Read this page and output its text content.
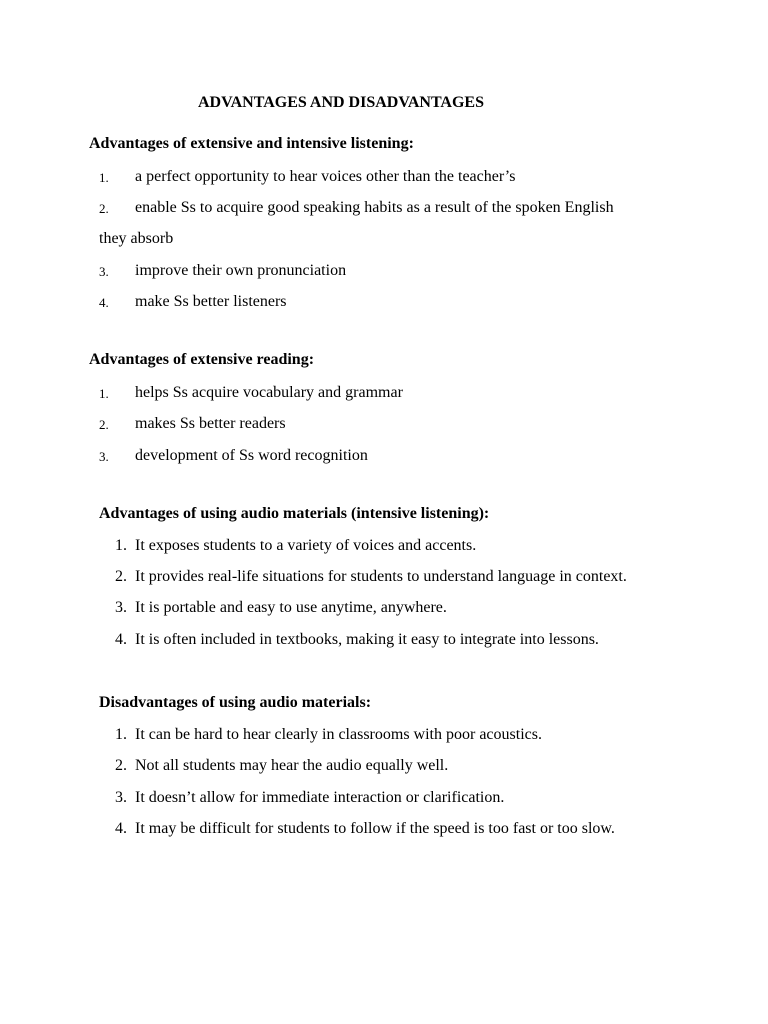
ADVANTAGES AND DISADVANTAGES
Advantages of extensive and intensive listening:
1. a perfect opportunity to hear voices other than the teacher’s
2. enable Ss to acquire good speaking habits as a result of the spoken English
they absorb
3. improve their own pronunciation
4. make Ss better listeners
Advantages of extensive reading:
1. helps Ss acquire vocabulary and grammar
2. makes Ss better readers
3. development of Ss word recognition
Advantages of using audio materials (intensive listening):
1. It exposes students to a variety of voices and accents.
2. It provides real-life situations for students to understand language in context.
3. It is portable and easy to use anytime, anywhere.
4. It is often included in textbooks, making it easy to integrate into lessons.
Disadvantages of using audio materials:
1. It can be hard to hear clearly in classrooms with poor acoustics.
2. Not all students may hear the audio equally well.
3. It doesn’t allow for immediate interaction or clarification.
4. It may be difficult for students to follow if the speed is too fast or too slow.
